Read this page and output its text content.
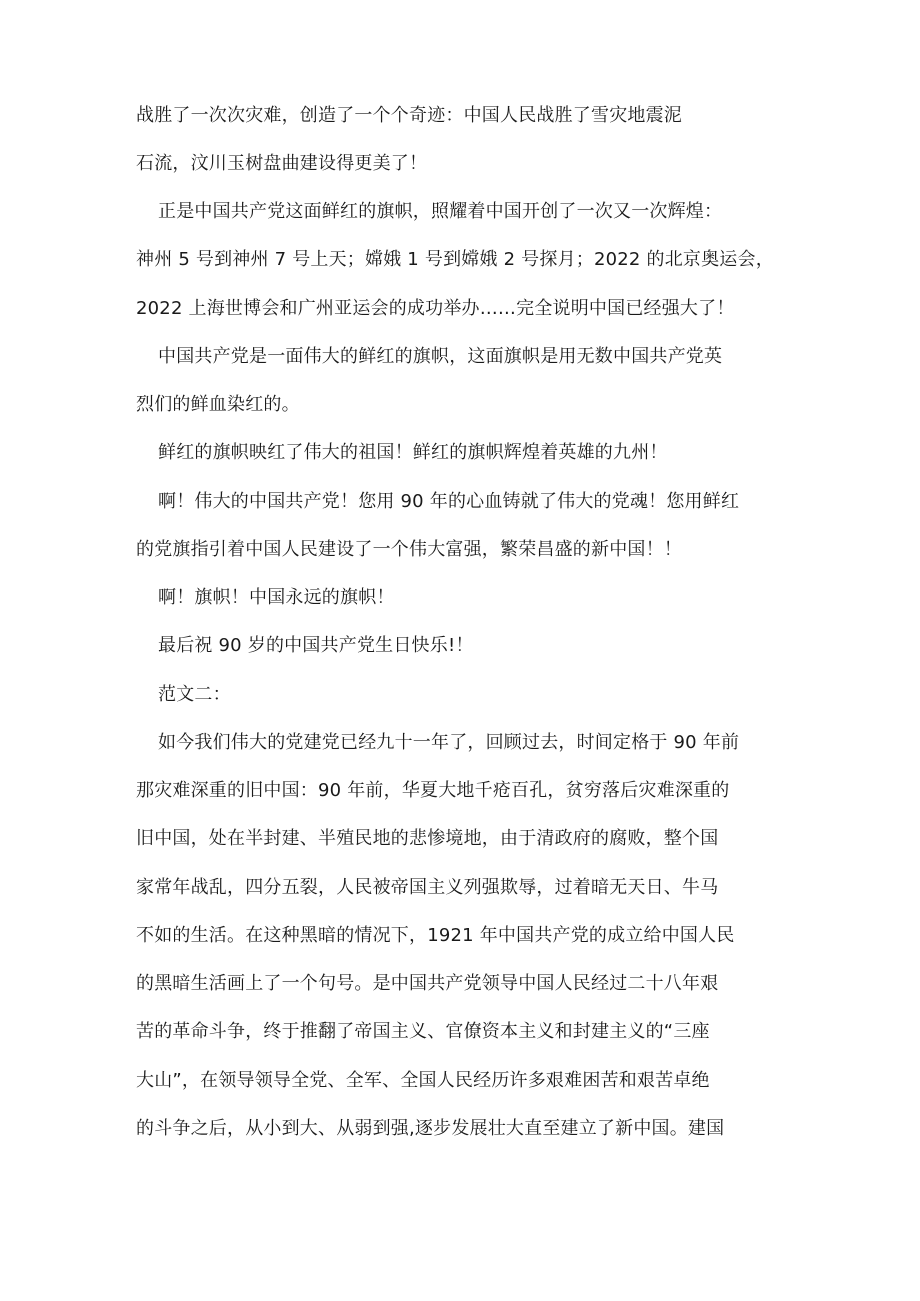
战胜了一次次灾难，创造了一个个奇迹：中国人民战胜了雪灾地震泥
石流，汶川玉树盘曲建设得更美了！
正是中国共产党这面鲜红的旗帜，照耀着中国开创了一次又一次辉煌：
神州 5 号到神州 7 号上天；嫦娥 1 号到嫦娥 2 号探月；2022 的北京奥运会，
2022 上海世博会和广州亚运会的成功举办……完全说明中国已经强大了！
中国共产党是一面伟大的鲜红的旗帜，这面旗帜是用无数中国共产党英
烈们的鲜血染红的。
鲜红的旗帜映红了伟大的祖国！鲜红的旗帜辉煌着英雄的九州！
啊！伟大的中国共产党！您用 90 年的心血铸就了伟大的党魂！您用鲜红
的党旗指引着中国人民建设了一个伟大富强，繁荣昌盛的新中国！！
啊！旗帜！中国永远的旗帜！
最后祝 90 岁的中国共产党生日快乐!！
范文二：
如今我们伟大的党建党已经九十一年了，回顾过去，时间定格于 90 年前
那灾难深重的旧中国：90 年前，华夏大地千疮百孔，贫穷落后灾难深重的
旧中国，处在半封建、半殖民地的悲惨境地，由于清政府的腐败，整个国
家常年战乱，四分五裂，人民被帝国主义列强欺辱，过着暗无天日、牛马
不如的生活。在这种黑暗的情况下，1921 年中国共产党的成立给中国人民
的黑暗生活画上了一个句号。是中国共产党领导中国人民经过二十八年艰
苦的革命斗争，终于推翻了帝国主义、官僚资本主义和封建主义的“三座
大山”，在领导领导全党、全军、全国人民经历许多艰难困苦和艰苦卓绝
的斗争之后，从小到大、从弱到强,逐步发展壮大直至建立了新中国。建国
